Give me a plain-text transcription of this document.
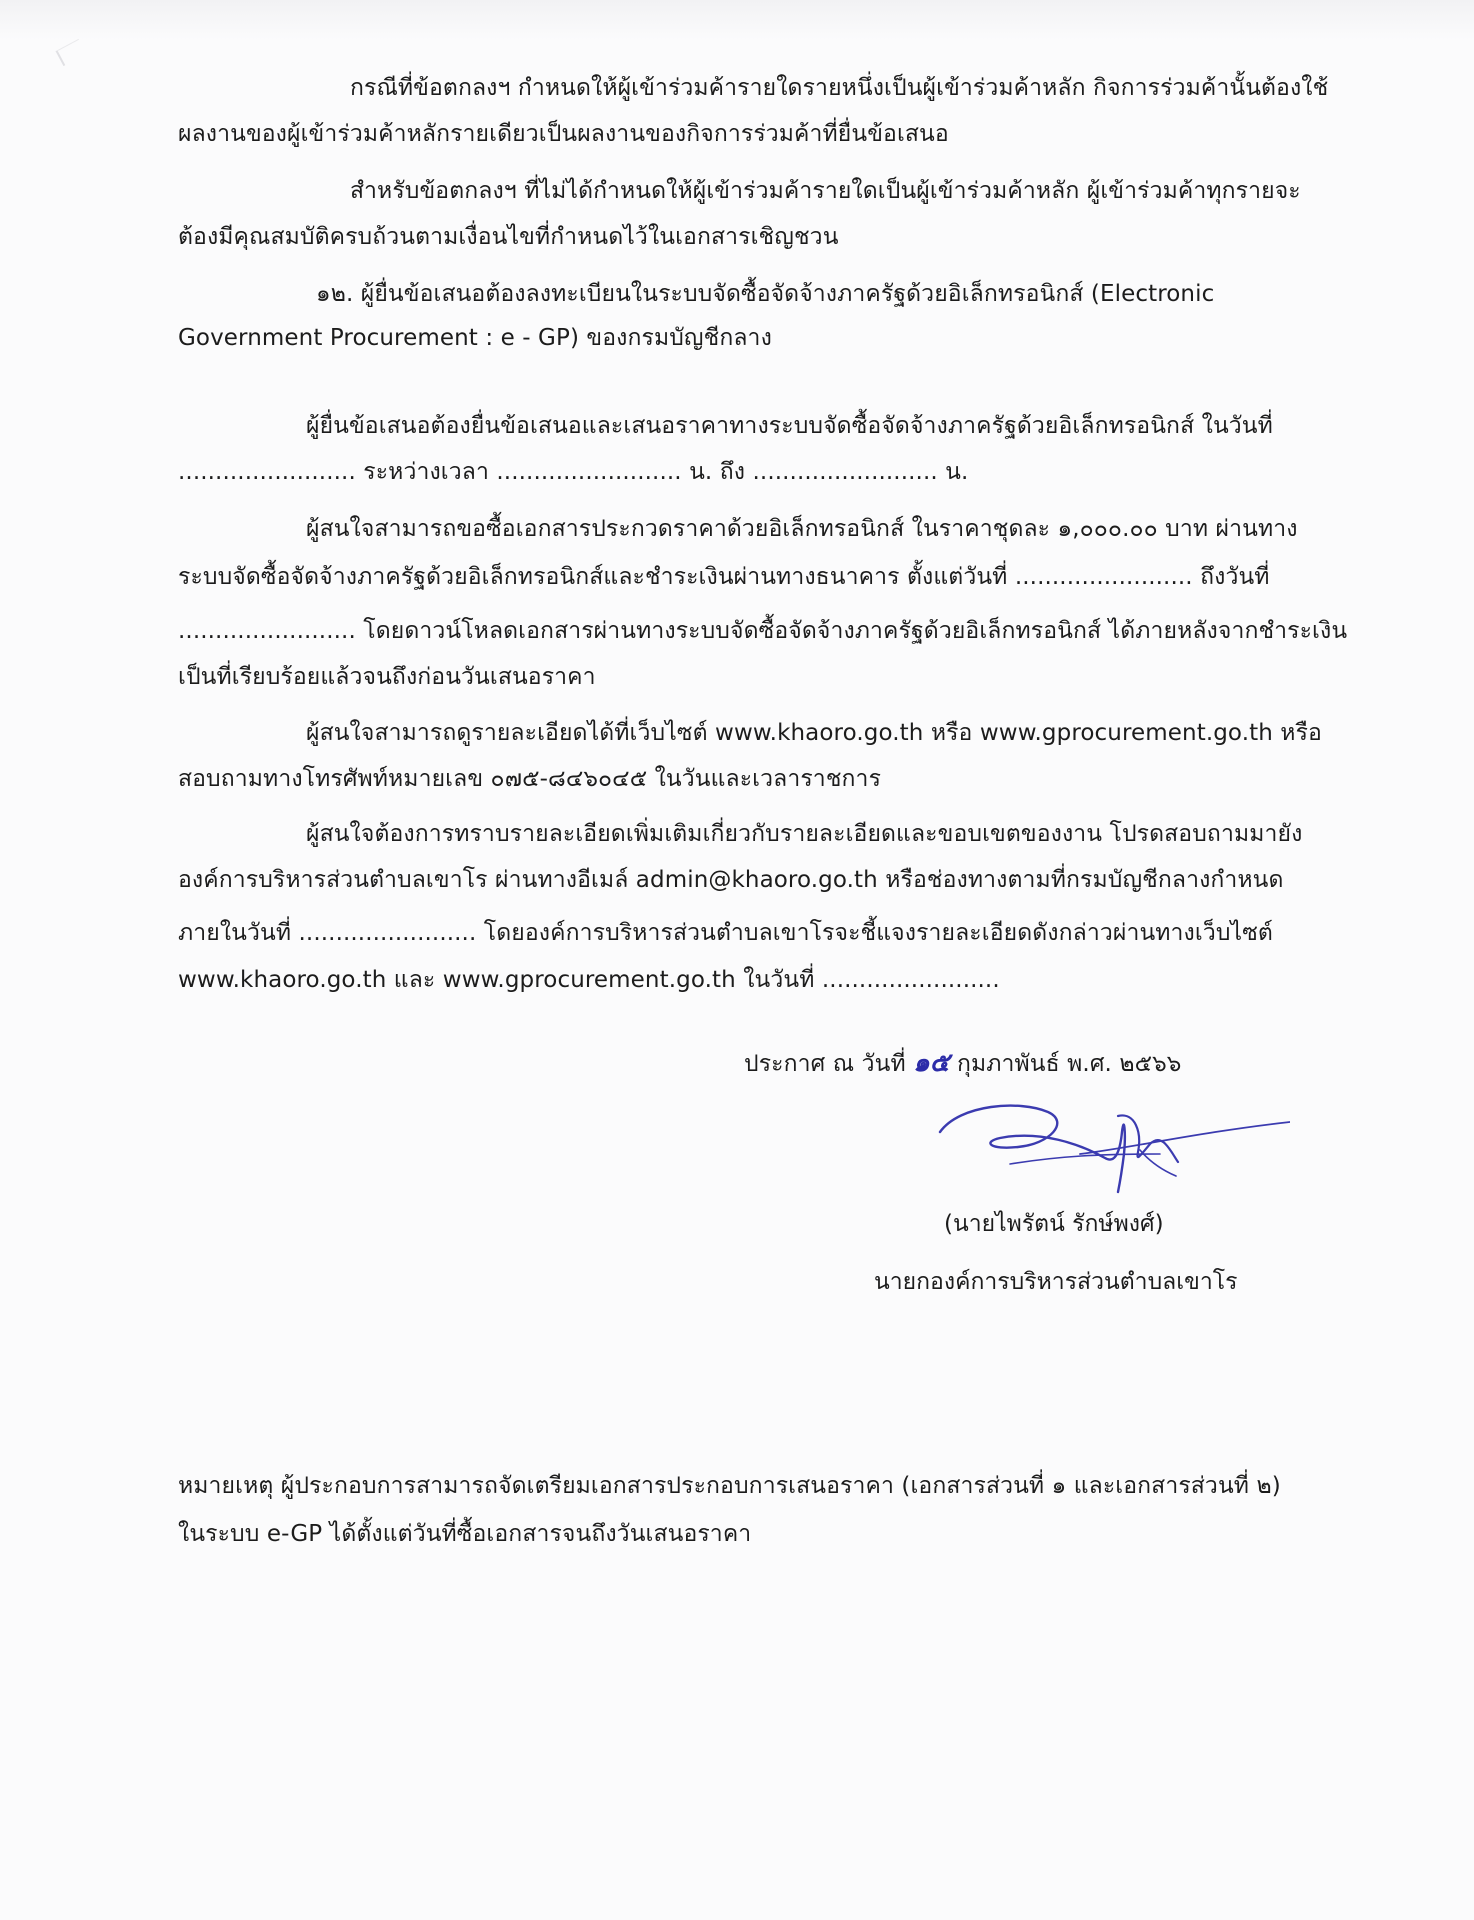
กรณีที่ข้อตกลงฯ กำหนดให้ผู้เข้าร่วมค้ารายใดรายหนึ่งเป็นผู้เข้าร่วมค้าหลัก กิจการร่วมค้านั้นต้องใช้
ผลงานของผู้เข้าร่วมค้าหลักรายเดียวเป็นผลงานของกิจการร่วมค้าที่ยื่นข้อเสนอ
สำหรับข้อตกลงฯ ที่ไม่ได้กำหนดให้ผู้เข้าร่วมค้ารายใดเป็นผู้เข้าร่วมค้าหลัก ผู้เข้าร่วมค้าทุกรายจะ
ต้องมีคุณสมบัติครบถ้วนตามเงื่อนไขที่กำหนดไว้ในเอกสารเชิญชวน
๑๒. ผู้ยื่นข้อเสนอต้องลงทะเบียนในระบบจัดซื้อจัดจ้างภาครัฐด้วยอิเล็กทรอนิกส์ (Electronic
Government Procurement : e - GP) ของกรมบัญชีกลาง
ผู้ยื่นข้อเสนอต้องยื่นข้อเสนอและเสนอราคาทางระบบจัดซื้อจัดจ้างภาครัฐด้วยอิเล็กทรอนิกส์ ในวันที่
........................ ระหว่างเวลา ......................... น. ถึง ......................... น.
ผู้สนใจสามารถขอซื้อเอกสารประกวดราคาด้วยอิเล็กทรอนิกส์ ในราคาชุดละ ๑,๐๐๐.๐๐ บาท ผ่านทาง
ระบบจัดซื้อจัดจ้างภาครัฐด้วยอิเล็กทรอนิกส์และชำระเงินผ่านทางธนาคาร ตั้งแต่วันที่ ........................ ถึงวันที่
........................ โดยดาวน์โหลดเอกสารผ่านทางระบบจัดซื้อจัดจ้างภาครัฐด้วยอิเล็กทรอนิกส์ ได้ภายหลังจากชำระเงิน
เป็นที่เรียบร้อยแล้วจนถึงก่อนวันเสนอราคา
ผู้สนใจสามารถดูรายละเอียดได้ที่เว็บไซต์ www.khaoro.go.th หรือ www.gprocurement.go.th หรือ
สอบถามทางโทรศัพท์หมายเลข ๐๗๕-๘๔๖๐๔๕ ในวันและเวลาราชการ
ผู้สนใจต้องการทราบรายละเอียดเพิ่มเติมเกี่ยวกับรายละเอียดและขอบเขตของงาน โปรดสอบถามมายัง
องค์การบริหารส่วนตำบลเขาโร ผ่านทางอีเมล์ admin@khaoro.go.th หรือช่องทางตามที่กรมบัญชีกลางกำหนด
ภายในวันที่ ........................ โดยองค์การบริหารส่วนตำบลเขาโรจะชี้แจงรายละเอียดดังกล่าวผ่านทางเว็บไซต์
www.khaoro.go.th และ www.gprocurement.go.th ในวันที่ ........................
ประกาศ ณ วันที่ ๑๕ กุมภาพันธ์ พ.ศ. ๒๕๖๖
(นายไพรัตน์ รักษ์พงศ์)
นายกองค์การบริหารส่วนตำบลเขาโร
หมายเหตุ ผู้ประกอบการสามารถจัดเตรียมเอกสารประกอบการเสนอราคา (เอกสารส่วนที่ ๑ และเอกสารส่วนที่ ๒)
ในระบบ e-GP ได้ตั้งแต่วันที่ซื้อเอกสารจนถึงวันเสนอราคา
